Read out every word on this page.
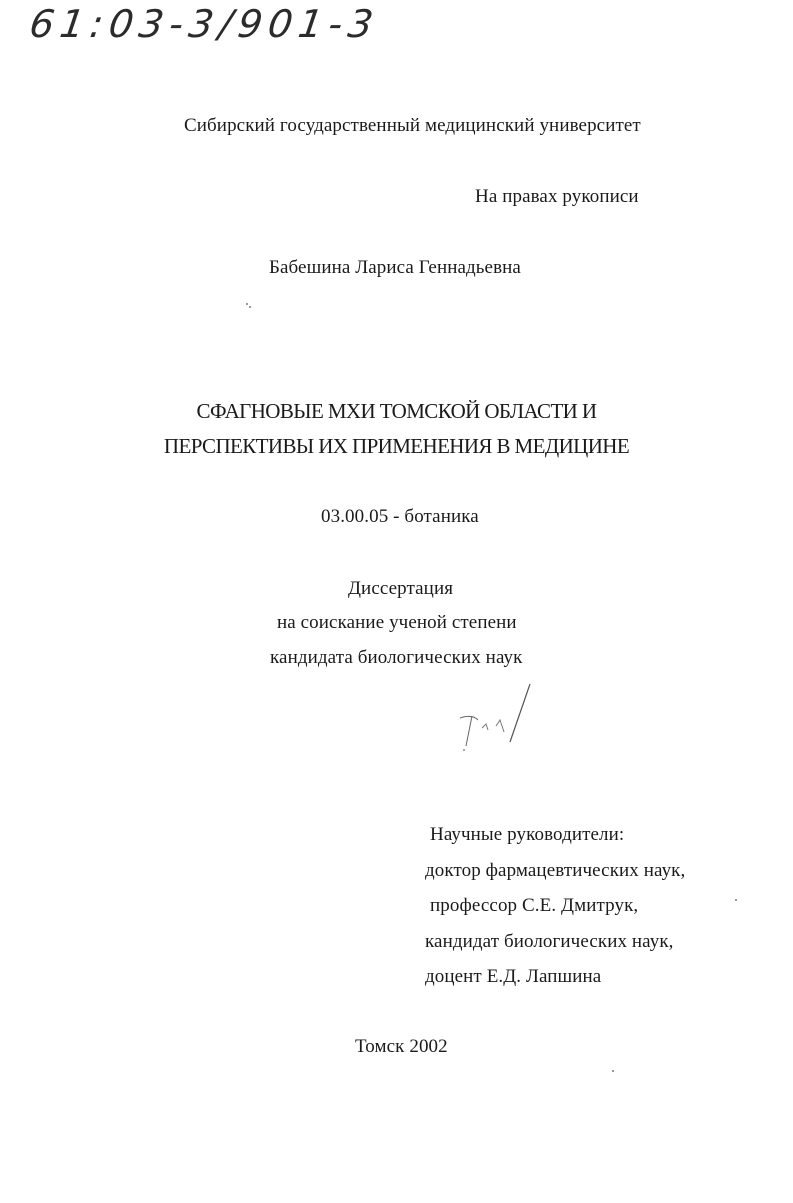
61:03-3/901-3
Сибирский государственный медицинский университет
На правах рукописи
Бабешина Лариса Геннадьевна
СФАГНОВЫЕ МХИ ТОМСКОЙ ОБЛАСТИ И
ПЕРСПЕКТИВЫ ИХ ПРИМЕНЕНИЯ В МЕДИЦИНЕ
03.00.05 - ботаника
Диссертация
на соискание ученой степени
кандидата биологических наук
Научные руководители:
доктор фармацевтических наук,
профессор С.Е. Дмитрук,
кандидат биологических наук,
доцент Е.Д. Лапшина
Томск 2002
